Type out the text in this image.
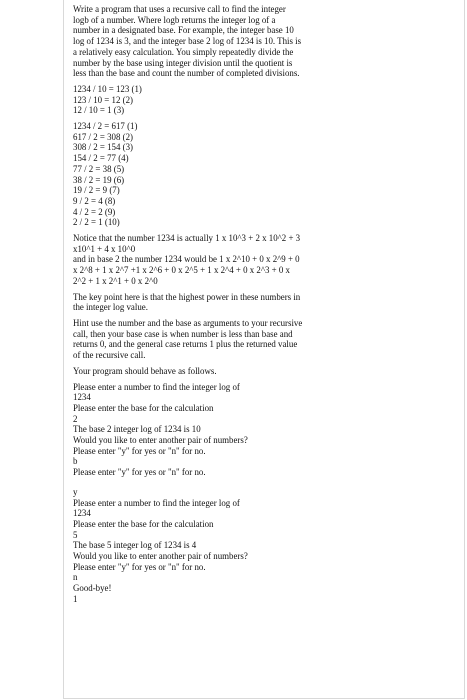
Write a program that uses a recursive call to find the integer
logb of a number. Where logb returns the integer log of a
number in a designated base. For example, the integer base 10
log of 1234 is 3, and the integer base 2 log of 1234 is 10. This is
a relatively easy calculation. You simply repeatedly divide the
number by the base using integer division until the quotient is
less than the base and count the number of completed divisions.
1234 / 10 = 123 (1)
123 / 10 = 12 (2)
12 / 10 = 1 (3)
1234 / 2 = 617 (1)
617 / 2 = 308 (2)
308 / 2 = 154 (3)
154 / 2 = 77 (4)
77 / 2 = 38 (5)
38 / 2 = 19 (6)
19 / 2 = 9 (7)
9 / 2 = 4 (8)
4 / 2 = 2 (9)
2 / 2 = 1 (10)
Notice that the number 1234 is actually 1 x 10^3 + 2 x 10^2 + 3
x10^1 + 4 x 10^0
and in base 2 the number 1234 would be 1 x 2^10 + 0 x 2^9 + 0
x 2^8 + 1 x 2^7 +1 x 2^6 + 0 x 2^5 + 1 x 2^4 + 0 x 2^3 + 0 x
2^2 + 1 x 2^1 + 0 x 2^0
The key point here is that the highest power in these numbers in
the integer log value.
Hint use the number and the base as arguments to your recursive
call, then your base case is when number is less than base and
returns 0, and the general case returns 1 plus the returned value
of the recursive call.
Your program should behave as follows.
Please enter a number to find the integer log of
1234
Please enter the base for the calculation
2
The base 2 integer log of 1234 is 10
Would you like to enter another pair of numbers?
Please enter "y" for yes or "n" for no.
b
Please enter "y" for yes or "n" for no.
y
Please enter a number to find the integer log of
1234
Please enter the base for the calculation
5
The base 5 integer log of 1234 is 4
Would you like to enter another pair of numbers?
Please enter "y" for yes or "n" for no.
n
Good-bye!
1
